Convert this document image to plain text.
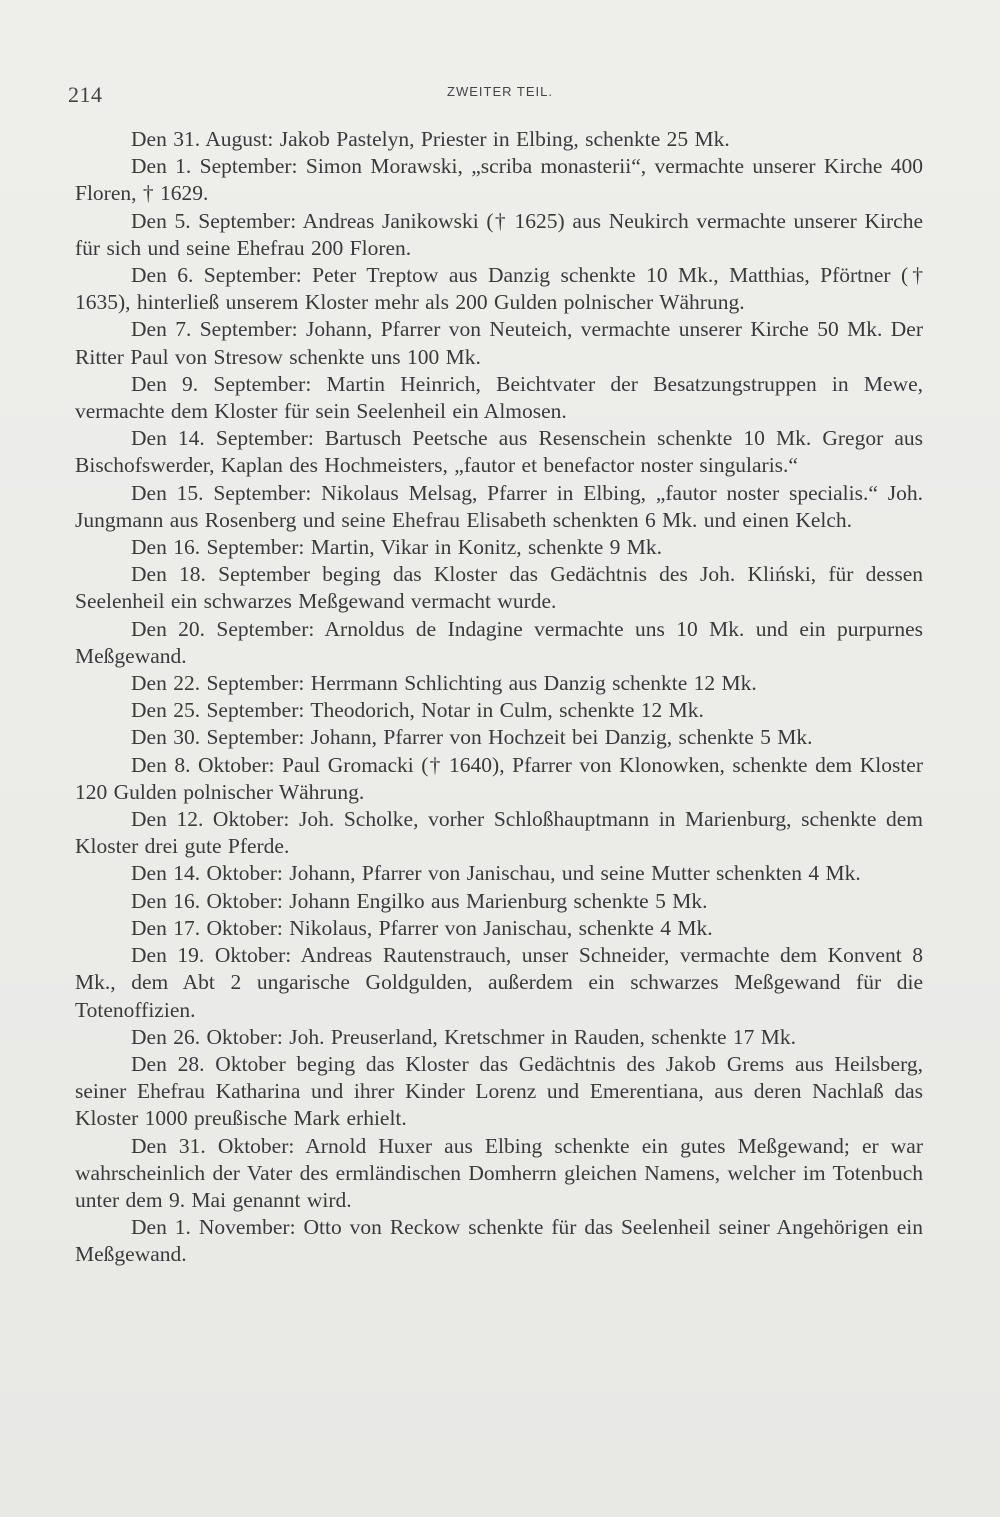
214	ZWEITER TEIL.

Den 31. August: Jakob Pastelyn, Priester in Elbing, schenkte 25 Mk.

Den 1. September: Simon Morawski, „scriba monasterii“, vermachte unserer Kirche 400 Floren, † 1629.

Den 5. September: Andreas Janikowski († 1625) aus Neukirch vermachte unserer Kirche für sich und seine Ehefrau 200 Floren.

Den 6. September: Peter Treptow aus Danzig schenkte 10 Mk., Matthias, Pförtner († 1635), hinterließ unserem Kloster mehr als 200 Gulden polnischer Währung.

Den 7. September: Johann, Pfarrer von Neuteich, vermachte unserer Kirche 50 Mk. Der Ritter Paul von Stresow schenkte uns 100 Mk.

Den 9. September: Martin Heinrich, Beichtvater der Besatzungstruppen in Mewe, vermachte dem Kloster für sein Seelenheil ein Almosen.

Den 14. September: Bartusch Peetsche aus Resenschein schenkte 10 Mk. Gregor aus Bischofswerder, Kaplan des Hochmeisters, „fautor et benefactor noster singularis.“

Den 15. September: Nikolaus Melsag, Pfarrer in Elbing, „fautor noster specialis.“ Joh. Jungmann aus Rosenberg und seine Ehefrau Elisabeth schenkten 6 Mk. und einen Kelch.

Den 16. September: Martin, Vikar in Konitz, schenkte 9 Mk.

Den 18. September beging das Kloster das Gedächtnis des Joh. Kliński, für dessen Seelenheil ein schwarzes Meßgewand vermacht wurde.

Den 20. September: Arnoldus de Indagine vermachte uns 10 Mk. und ein purpurnes Meßgewand.

Den 22. September: Herrmann Schlichting aus Danzig schenkte 12 Mk.

Den 25. September: Theodorich, Notar in Culm, schenkte 12 Mk.

Den 30. September: Johann, Pfarrer von Hochzeit bei Danzig, schenkte 5 Mk.

Den 8. Oktober: Paul Gromacki († 1640), Pfarrer von Klonowken, schenkte dem Kloster 120 Gulden polnischer Währung.

Den 12. Oktober: Joh. Scholke, vorher Schloßhauptmann in Marienburg, schenkte dem Kloster drei gute Pferde.

Den 14. Oktober: Johann, Pfarrer von Janischau, und seine Mutter schenkten 4 Mk.

Den 16. Oktober: Johann Engilko aus Marienburg schenkte 5 Mk.

Den 17. Oktober: Nikolaus, Pfarrer von Janischau, schenkte 4 Mk.

Den 19. Oktober: Andreas Rautenstrauch, unser Schneider, vermachte dem Konvent 8 Mk., dem Abt 2 ungarische Goldgulden, außerdem ein schwarzes Meßgewand für die Totenoffizien.

Den 26. Oktober: Joh. Preuserland, Kretschmer in Rauden, schenkte 17 Mk.

Den 28. Oktober beging das Kloster das Gedächtnis des Jakob Grems aus Heilsberg, seiner Ehefrau Katharina und ihrer Kinder Lorenz und Emerentiana, aus deren Nachlaß das Kloster 1000 preußische Mark erhielt.

Den 31. Oktober: Arnold Huxer aus Elbing schenkte ein gutes Meßgewand; er war wahrscheinlich der Vater des ermländischen Domherrn gleichen Namens, welcher im Totenbuch unter dem 9. Mai genannt wird.

Den 1. November: Otto von Reckow schenkte für das Seelenheil seiner Angehörigen ein Meßgewand.
